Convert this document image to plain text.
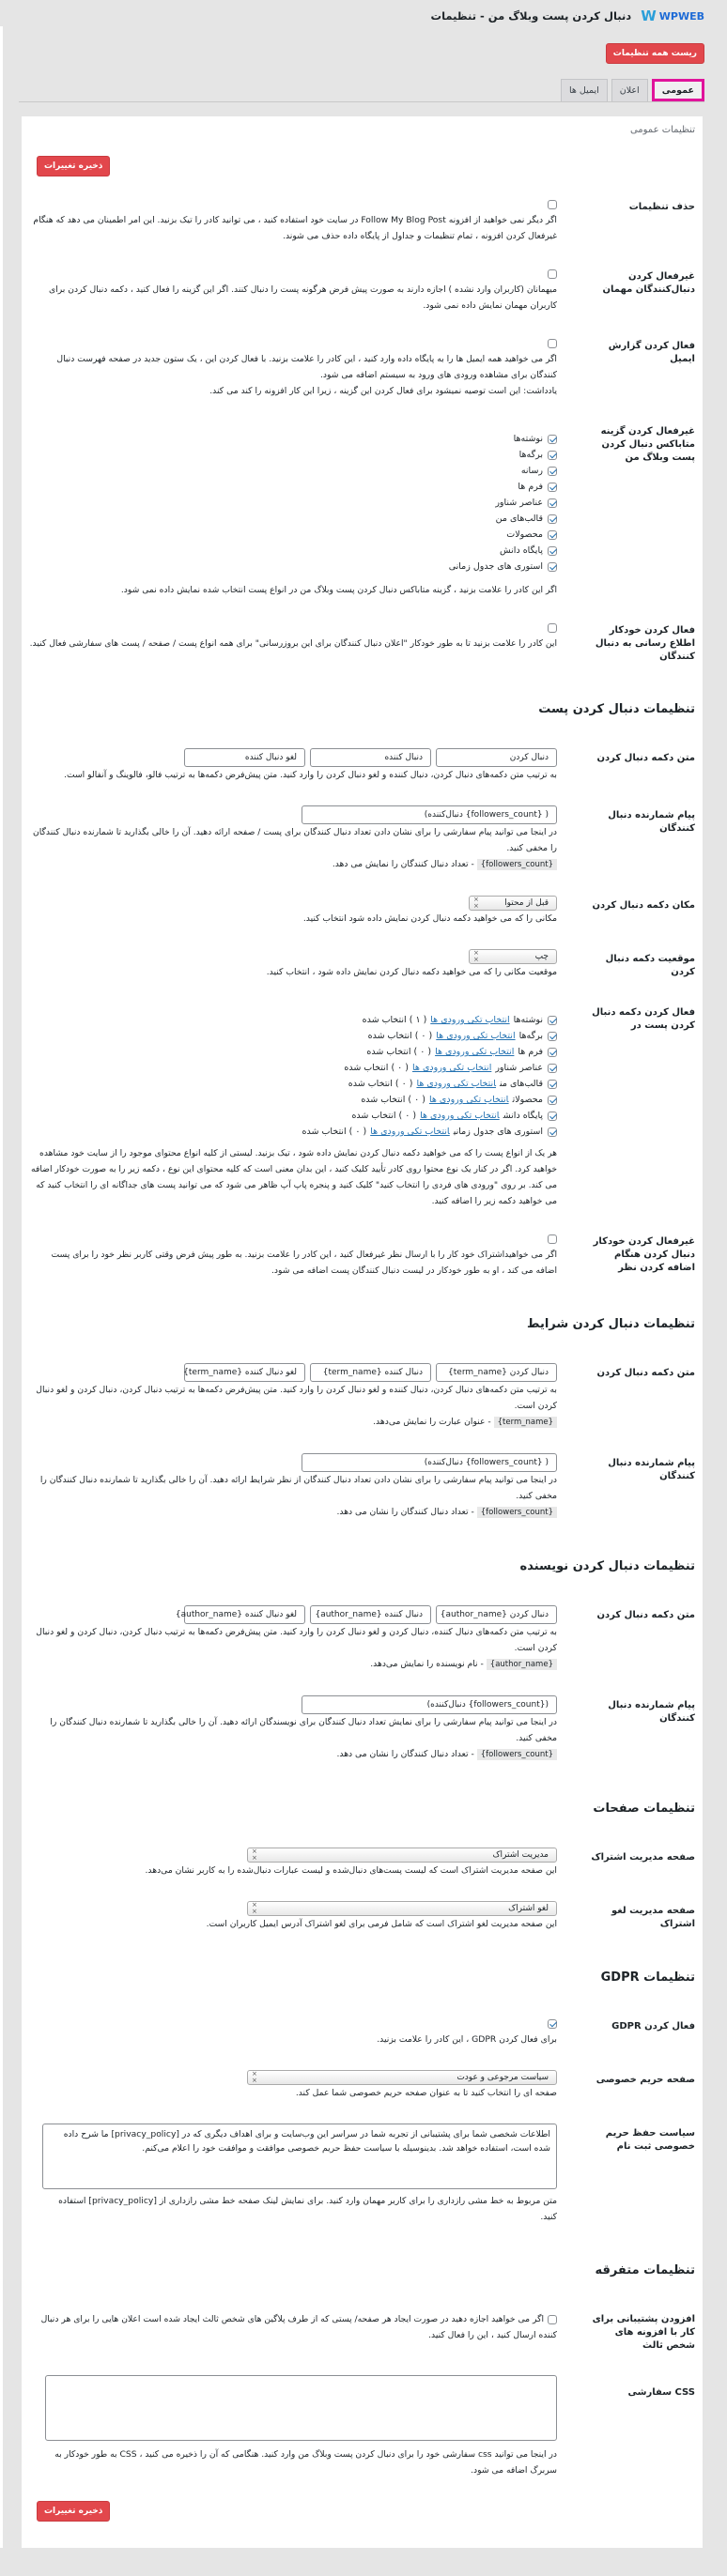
W WPWEB
دنبال کردن پست وبلاگ من - تنظیمات
ریست همه تنظیمات
عمومی
اعلان
ایمیل ها
تنظیمات عمومی
ذخیره تغییرات
حذف تنظیمات
اگر دیگر نمی خواهید از افزونه Follow My Blog Post در سایت خود استفاده کنید ، می توانید کادر را تیک بزنید. این امر اطمینان می دهد که هنگام غیرفعال کردن افزونه ، تمام تنظیمات و جداول از پایگاه داده حذف می شوند.
غیرفعال کردن دنبال‌کنندگان مهمان
میهمانان (کاربران وارد نشده ) اجازه دارند به صورت پیش فرض هرگونه پست را دنبال کنند. اگر این گزینه را فعال کنید ، دکمه دنبال کردن برای کاربران مهمان نمایش داده نمی شود.
فعال کردن گزارش ایمیل
اگر می خواهید همه ایمیل ها را به پایگاه داده وارد کنید ، این کادر را علامت بزنید. با فعال کردن این ، یک ستون جدید در صفحه فهرست دنبال کنندگان برای مشاهده ورودی های ورود به سیستم اضافه می شود.
یادداشت: این است توصیه نمیشود برای فعال کردن این گزینه ، زیرا این کار افزونه را کند می کند.
غیرفعال کردن گزینه متاباکس دنبال کردن پست وبلاگ من
نوشته‌ها
برگه‌ها
رسانه
فرم ها
عناصر شناور
قالب‌های من
محصولات
پایگاه دانش
استوری های جدول زمانی
اگر این کادر را علامت بزنید ، گزینه متاباکس دنبال کردن پست وبلاگ من در انواع پست انتخاب شده نمایش داده نمی شود.
فعال کردن خودکار اطلاع رسانی به دنبال کنندگان
این کادر را علامت بزنید تا به طور خودکار "اعلان دنبال کنندگان برای این بروزرسانی" برای همه انواع پست / صفحه / پست های سفارشی فعال کنید.
تنظیمات دنبال کردن پست
متن دکمه دنبال کردن
دنبال کردن
دنبال کننده
لغو دنبال کننده
به ترتیب متن دکمه‌های دنبال کردن، دنبال کننده و لغو دنبال کردن را وارد کنید. متن پیش‌فرض دکمه‌ها به ترتیب فالو، فالوینگ و آنفالو است.
پیام شمارنده دنبال کنندگان
( {followers_count} دنبال‌کننده)
در اینجا می توانید پیام سفارشی را برای نشان دادن تعداد دنبال کنندگان برای پست / صفحه ارائه دهید. آن را خالی بگذارید تا شمارنده دنبال کنندگان را مخفی کنید.
{followers_count} - تعداد دنبال کنندگان را نمایش می دهد.
مکان دکمه دنبال کردن
قبل از محتوا
×
×
مکانی را که می خواهید دکمه دنبال کردن نمایش داده شود انتخاب کنید.
موقعیت دکمه دنبال کردن
چپ
×
×
موقعیت مکانی را که می خواهید دکمه دنبال کردن نمایش داده شود ، انتخاب کنید.
فعال کردن دکمه دنبال کردن پست در
نوشته‌هاانتخاب تکی ورودی ها( ۱ ) انتخاب شده
برگه‌هاانتخاب تکی ورودی ها( ۰ ) انتخاب شده
فرم هاانتخاب تکی ورودی ها( ۰ ) انتخاب شده
عناصر شناورانتخاب تکی ورودی ها( ۰ ) انتخاب شده
قالب‌های منانتخاب تکی ورودی ها( ۰ ) انتخاب شده
محصولاتانتخاب تکی ورودی ها( ۰ ) انتخاب شده
پایگاه دانشانتخاب تکی ورودی ها( ۰ ) انتخاب شده
استوری های جدول زمانیانتخاب تکی ورودی ها( ۰ ) انتخاب شده
هر یک از انواع پست را که می خواهید دکمه دنبال کردن نمایش داده شود ، تیک بزنید. لیستی از کلیه انواع محتوای موجود را از سایت خود مشاهده خواهید کرد. اگر در کنار یک نوع محتوا روی کادر تأیید کلیک کنید ، این بدان معنی است که کلیه محتوای این نوع ، دکمه زیر را به صورت خودکار اضافه می کند. بر روی "ورودی های فردی را انتخاب کنید" کلیک کنید و پنجره پاپ آپ ظاهر می شود که می توانید پست های جداگانه ای را انتخاب کنید که می خواهید دکمه زیر را اضافه کنید.
غیرفعال کردن خودکار دنبال کردن هنگام اضافه کردن نظر
اگر می خواهیداشتراک خود کار را با ارسال نظر غیرفعال کنید ، این کادر را علامت بزنید. به طور پیش فرض وقتی کاربر نظر خود را برای پست اضافه می کند ، او به طور خودکار در لیست دنبال کنندگان پست اضافه می شود.
تنظیمات دنبال کردن شرایط
متن دکمه دنبال کردن
دنبال کردن {term_name}
دنبال کننده {term_name}
لغو دنبال کننده {term_name}
به ترتیب متن دکمه‌های دنبال کردن، دنبال کننده و لغو دنبال کردن را وارد کنید. متن پیش‌فرض دکمه‌ها به ترتیب دنبال کردن، دنبال کردن و لغو دنبال کردن است.
{term_name} - عنوان عبارت را نمایش می‌دهد.
پیام شمارنده دنبال کنندگان
( {followers_count} دنبال‌کننده)
در اینجا می توانید پیام سفارشی را برای نشان دادن تعداد دنبال کنندگان از نظر شرایط ارائه دهید. آن را خالی بگذارید تا شمارنده دنبال کنندگان را مخفی کنید.
{followers_count} - تعداد دنبال کنندگان را نشان می دهد.
تنظیمات دنبال کردن نویسنده
متن دکمه دنبال کردن
دنبال کردن {author_name}
دنبال کننده {author_name}
لغو دنبال کننده {author_name}
به ترتیب متن دکمه‌های دنبال کننده، دنبال کردن و لغو دنبال کردن را وارد کنید. متن پیش‌فرض دکمه‌ها به ترتیب دنبال کردن، دنبال کردن و لغو دنبال کردن است.
{author_name} - نام نویسنده را نمایش می‌دهد.
پیام شمارنده دنبال کنندگان
({followers_count} دنبال‌کننده)
در اینجا می توانید پیام سفارشی را برای نمایش تعداد دنبال کنندگان برای نویسندگان ارائه دهید. آن را خالی بگذارید تا شمارنده دنبال کنندگان را مخفی کنید.
{followers_count} - تعداد دنبال کنندگان را نشان می دهد.
تنظیمات صفحات
صفحه مدیریت اشتراک
مدیریت اشتراک
×
×
این صفحه مدیریت اشتراک است که لیست پست‌های دنبال‌شده و لیست عبارات دنبال‌شده را به کاربر نشان می‌دهد.
صفحه مدیریت لغو اشتراک
لغو اشتراک
×
×
این صفحه مدیریت لغو اشتراک است که شامل فرمی برای لغو اشتراک آدرس ایمیل کاربران است.
تنظیمات GDPR
فعال کردن GDPR
برای فعال کردن GDPR ، این کادر را علامت بزنید.
صفحه حریم خصوصی
سیاست مرجوعی و عودت
×
×
صفحه ای را انتخاب کنید تا به عنوان صفحه حریم خصوصی شما عمل کند.
سیاست حفظ حریم خصوصی ثبت نام
اطلاعات شخصی شما برای پشتیبانی از تجربه شما در سراسر این وب‌سایت و برای اهداف دیگری که در [privacy_policy] ما شرح داده شده است، استفاده خواهد شد. بدینوسیله با سیاست حفظ حریم خصوصی موافقت و موافقت خود را اعلام می‌کنم.
متن مربوط به خط مشی رازداری را برای کاربر مهمان وارد کنید. برای نمایش لینک صفحه خط مشی رازداری از [privacy_policy] استفاده کنید.
تنظیمات متفرقه
افزودن پشتیبانی برای کار با افزونه های شخص ثالث
اگر می خواهید اجازه دهید در صورت ایجاد هر صفحه/ پستی که از طرف پلاگین های شخص ثالث ایجاد شده است اعلان هایی را برای هر دنبال کننده ارسال کنید ، این را فعال کنید.
CSS سفارشی
در اینجا می توانید css سفارشی خود را برای دنبال کردن پست وبلاگ من وارد کنید. هنگامی که آن را ذخیره می کنید ، CSS به طور خودکار به سربرگ اضافه می شود.
ذخیره تغییرات
